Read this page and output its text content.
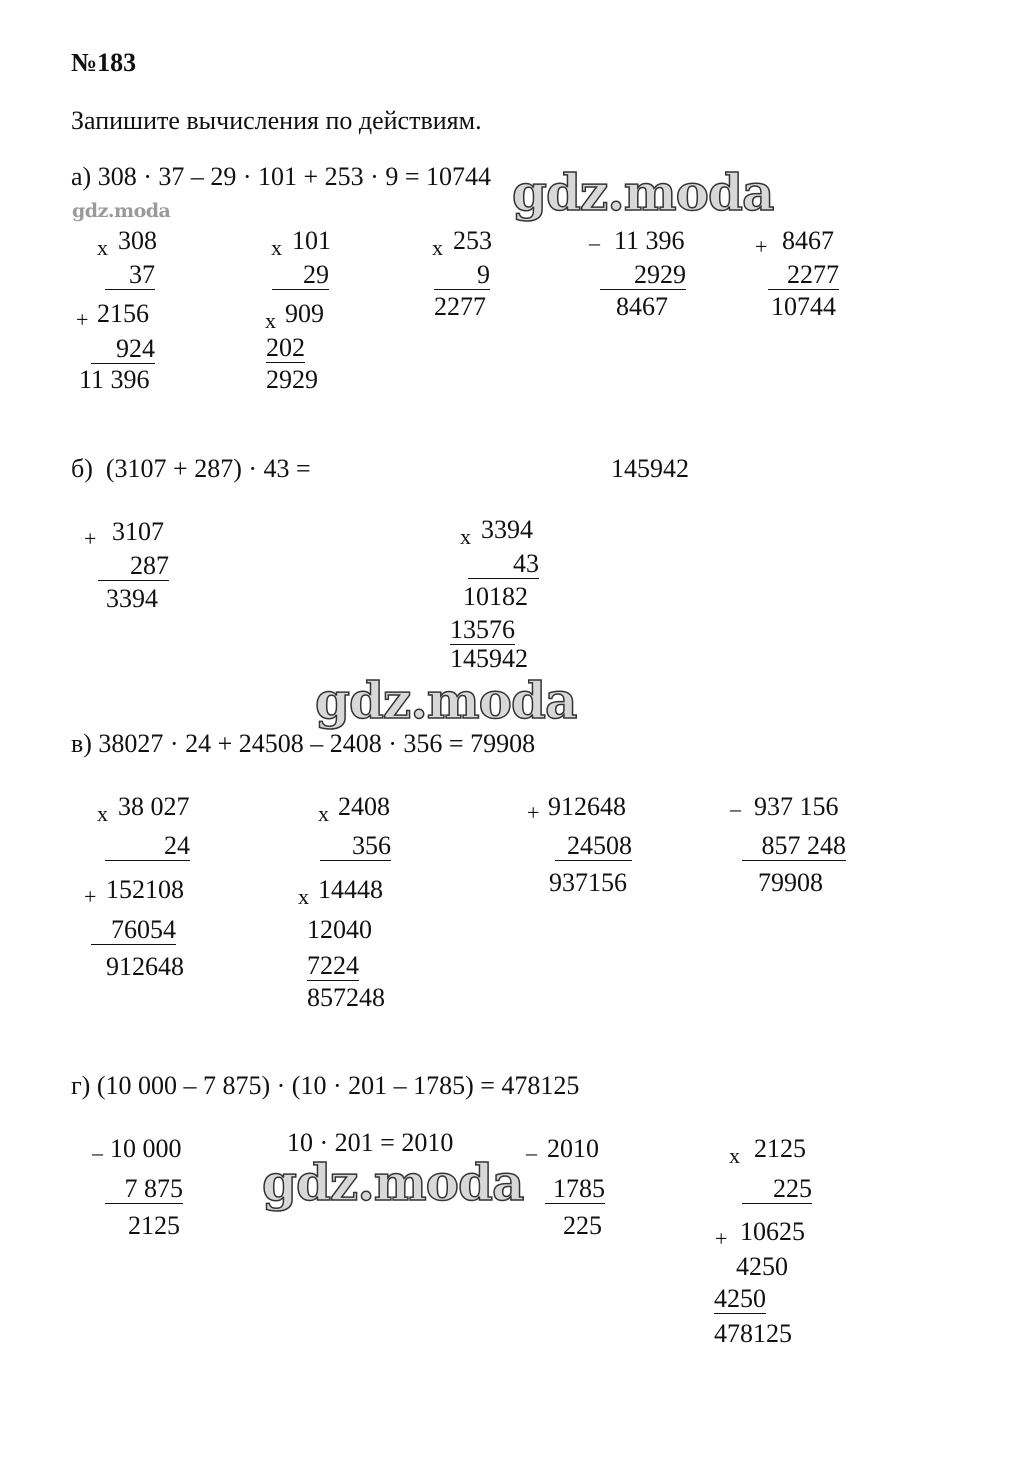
№183
Запишите вычисления по действиям.
gdz.moda
gdz.moda
gdz.moda
gdz.moda
а) 308 · 37 – 29 · 101 + 253 · 9 = 10744
x 308
37
+ 2156
924
11 396
x 101
29
x 909
202
2929
x 253
9
2277
– 11 396
2929
8467
+ 8467
2277
10744
б)  (3107 + 287) · 43 =	145942
+ 3107
287
3394
x 3394
43
10182
13576
145942
в) 38027 · 24 + 24508 – 2408 · 356 = 79908
x 38 027
24
+ 152108
76054
912648
x 2408
356
x 14448
12040
7224
857248
+ 912648
24508
937156
– 937 156
857 248
79908
г) (10 000 – 7 875) · (10 · 201 – 1785) = 478125
– 10 000
7 875
2125
10 · 201 = 2010	– 2010
1785
225
x 2125
225
+ 10625
4250
4250
478125
